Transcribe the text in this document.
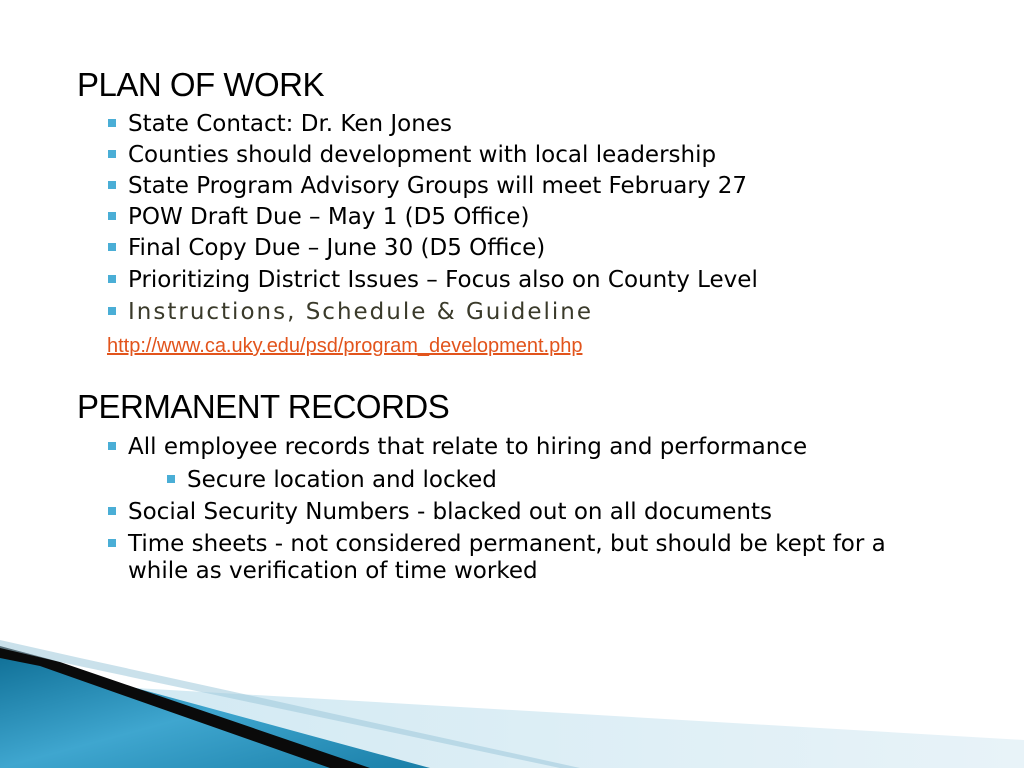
PLAN OF WORK
State Contact: Dr. Ken Jones
Counties should development with local leadership
State Program Advisory Groups will meet February 27
POW Draft Due – May 1 (D5 Office)
Final Copy Due – June 30 (D5 Office)
Prioritizing District Issues – Focus also on County Level
Instructions, Schedule & Guideline
http://www.ca.uky.edu/psd/program_development.php
PERMANENT RECORDS
All employee records that relate to hiring and performance
Secure location and locked
Social Security Numbers - blacked out on all documents
Time sheets - not considered permanent, but should be kept for a while as verification of time worked
